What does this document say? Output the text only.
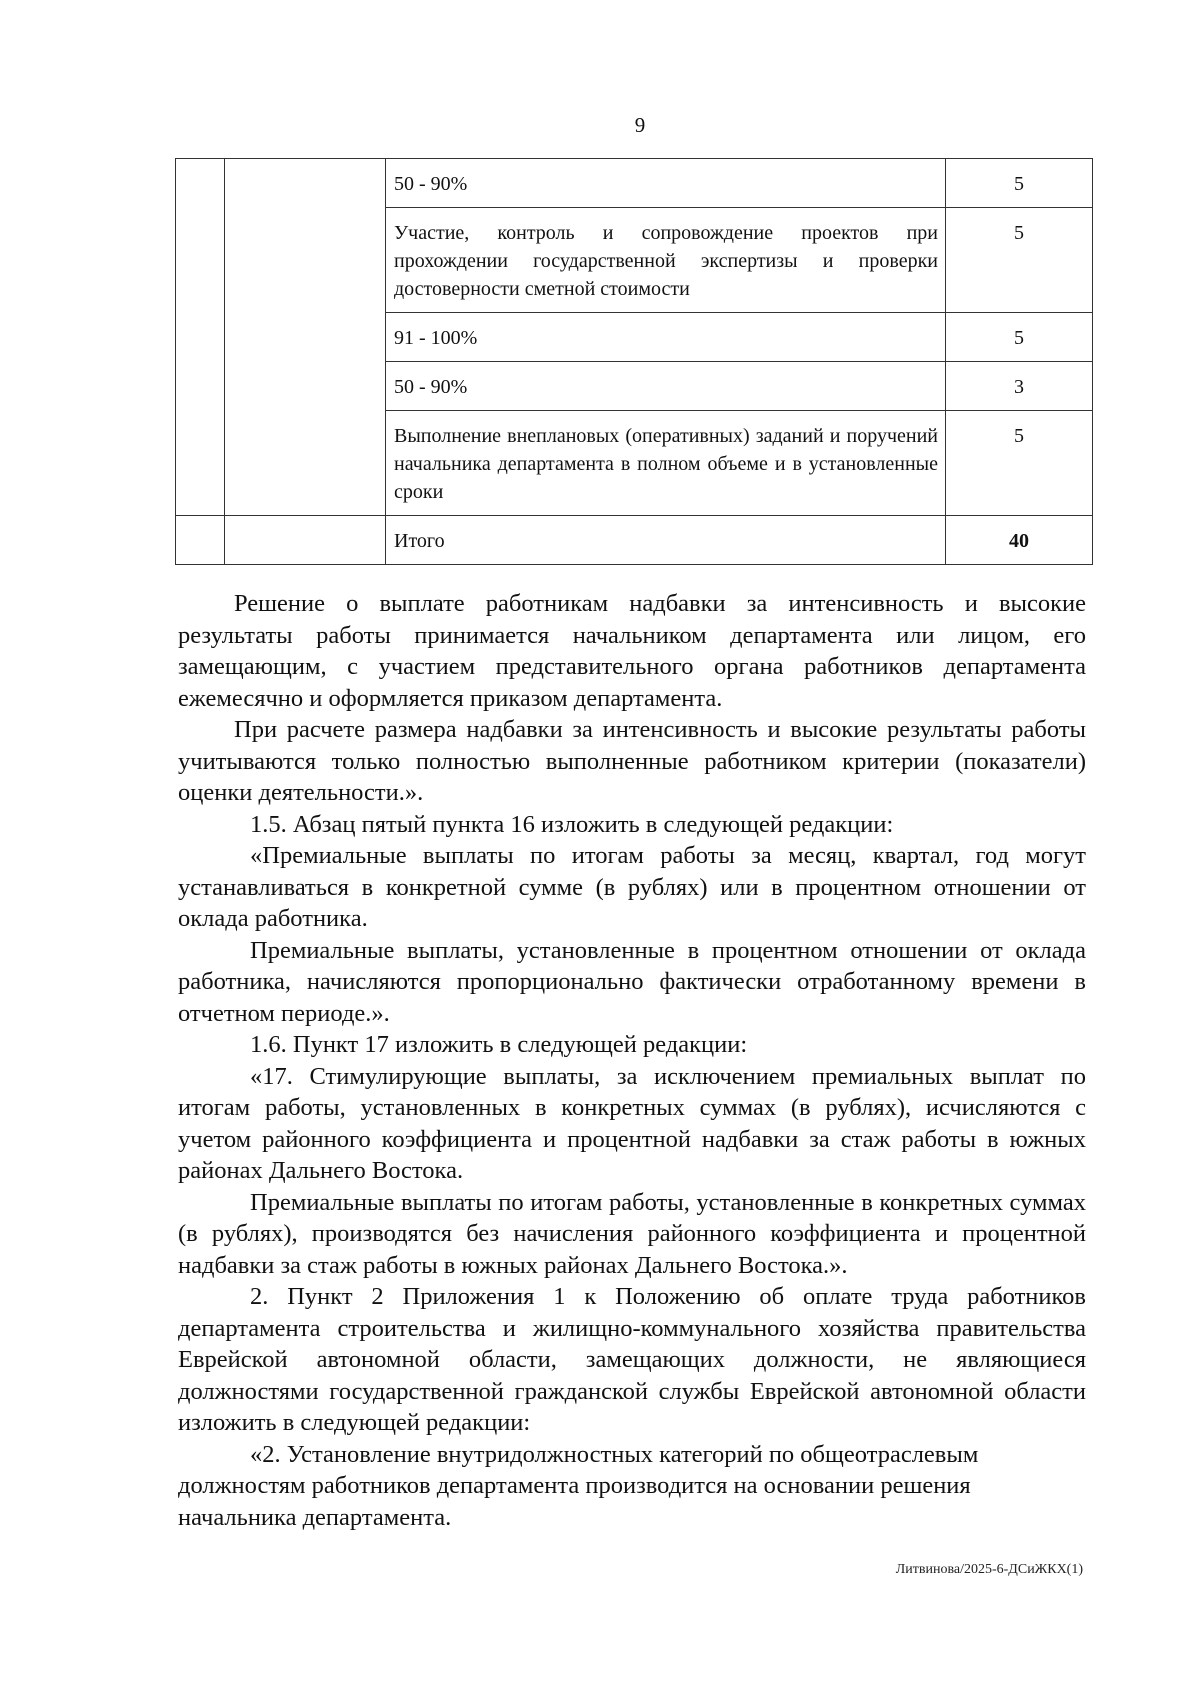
9
		50 - 90%	5
		Участие, контроль и сопровождение проектов при прохождении государственной экспертизы и проверки достоверности сметной стоимости	5
		91 - 100%	5
		50 - 90%	3
		Выполнение внеплановых (оперативных) заданий и поручений начальника департамента в полном объеме и в установленные сроки	5
		Итого	40

Решение о выплате работникам надбавки за интенсивность и высокие результаты работы принимается начальником департамента или лицом, его замещающим, с участием представительного органа работников департамента ежемесячно и оформляется приказом департамента.

При расчете размера надбавки за интенсивность и высокие результаты работы учитываются только полностью выполненные работником критерии (показатели) оценки деятельности.».

1.5. Абзац пятый пункта 16 изложить в следующей редакции:

«Премиальные выплаты по итогам работы за месяц, квартал, год могут устанавливаться в конкретной сумме (в рублях) или в процентном отношении от оклада работника.

Премиальные выплаты, установленные в процентном отношении от оклада работника, начисляются пропорционально фактически отработанному времени в отчетном периоде.».

1.6. Пункт 17 изложить в следующей редакции:

«17. Стимулирующие выплаты, за исключением премиальных выплат по итогам работы, установленных в конкретных суммах (в рублях), исчисляются с учетом районного коэффициента и процентной надбавки за стаж работы в южных районах Дальнего Востока.

Премиальные выплаты по итогам работы, установленные в конкретных суммах (в рублях), производятся без начисления районного коэффициента и процентной надбавки за стаж работы в южных районах Дальнего Востока.».

2. Пункт 2 Приложения 1 к Положению об оплате труда работников департамента строительства и жилищно-коммунального хозяйства правительства Еврейской автономной области, замещающих должности, не являющиеся должностями государственной гражданской службы Еврейской автономной области изложить в следующей редакции:

«2. Установление внутридолжностных категорий по общеотраслевым должностям работников департамента производится на основании решения начальника департамента.

Литвинова/2025-6-ДСиЖКХ(1)
